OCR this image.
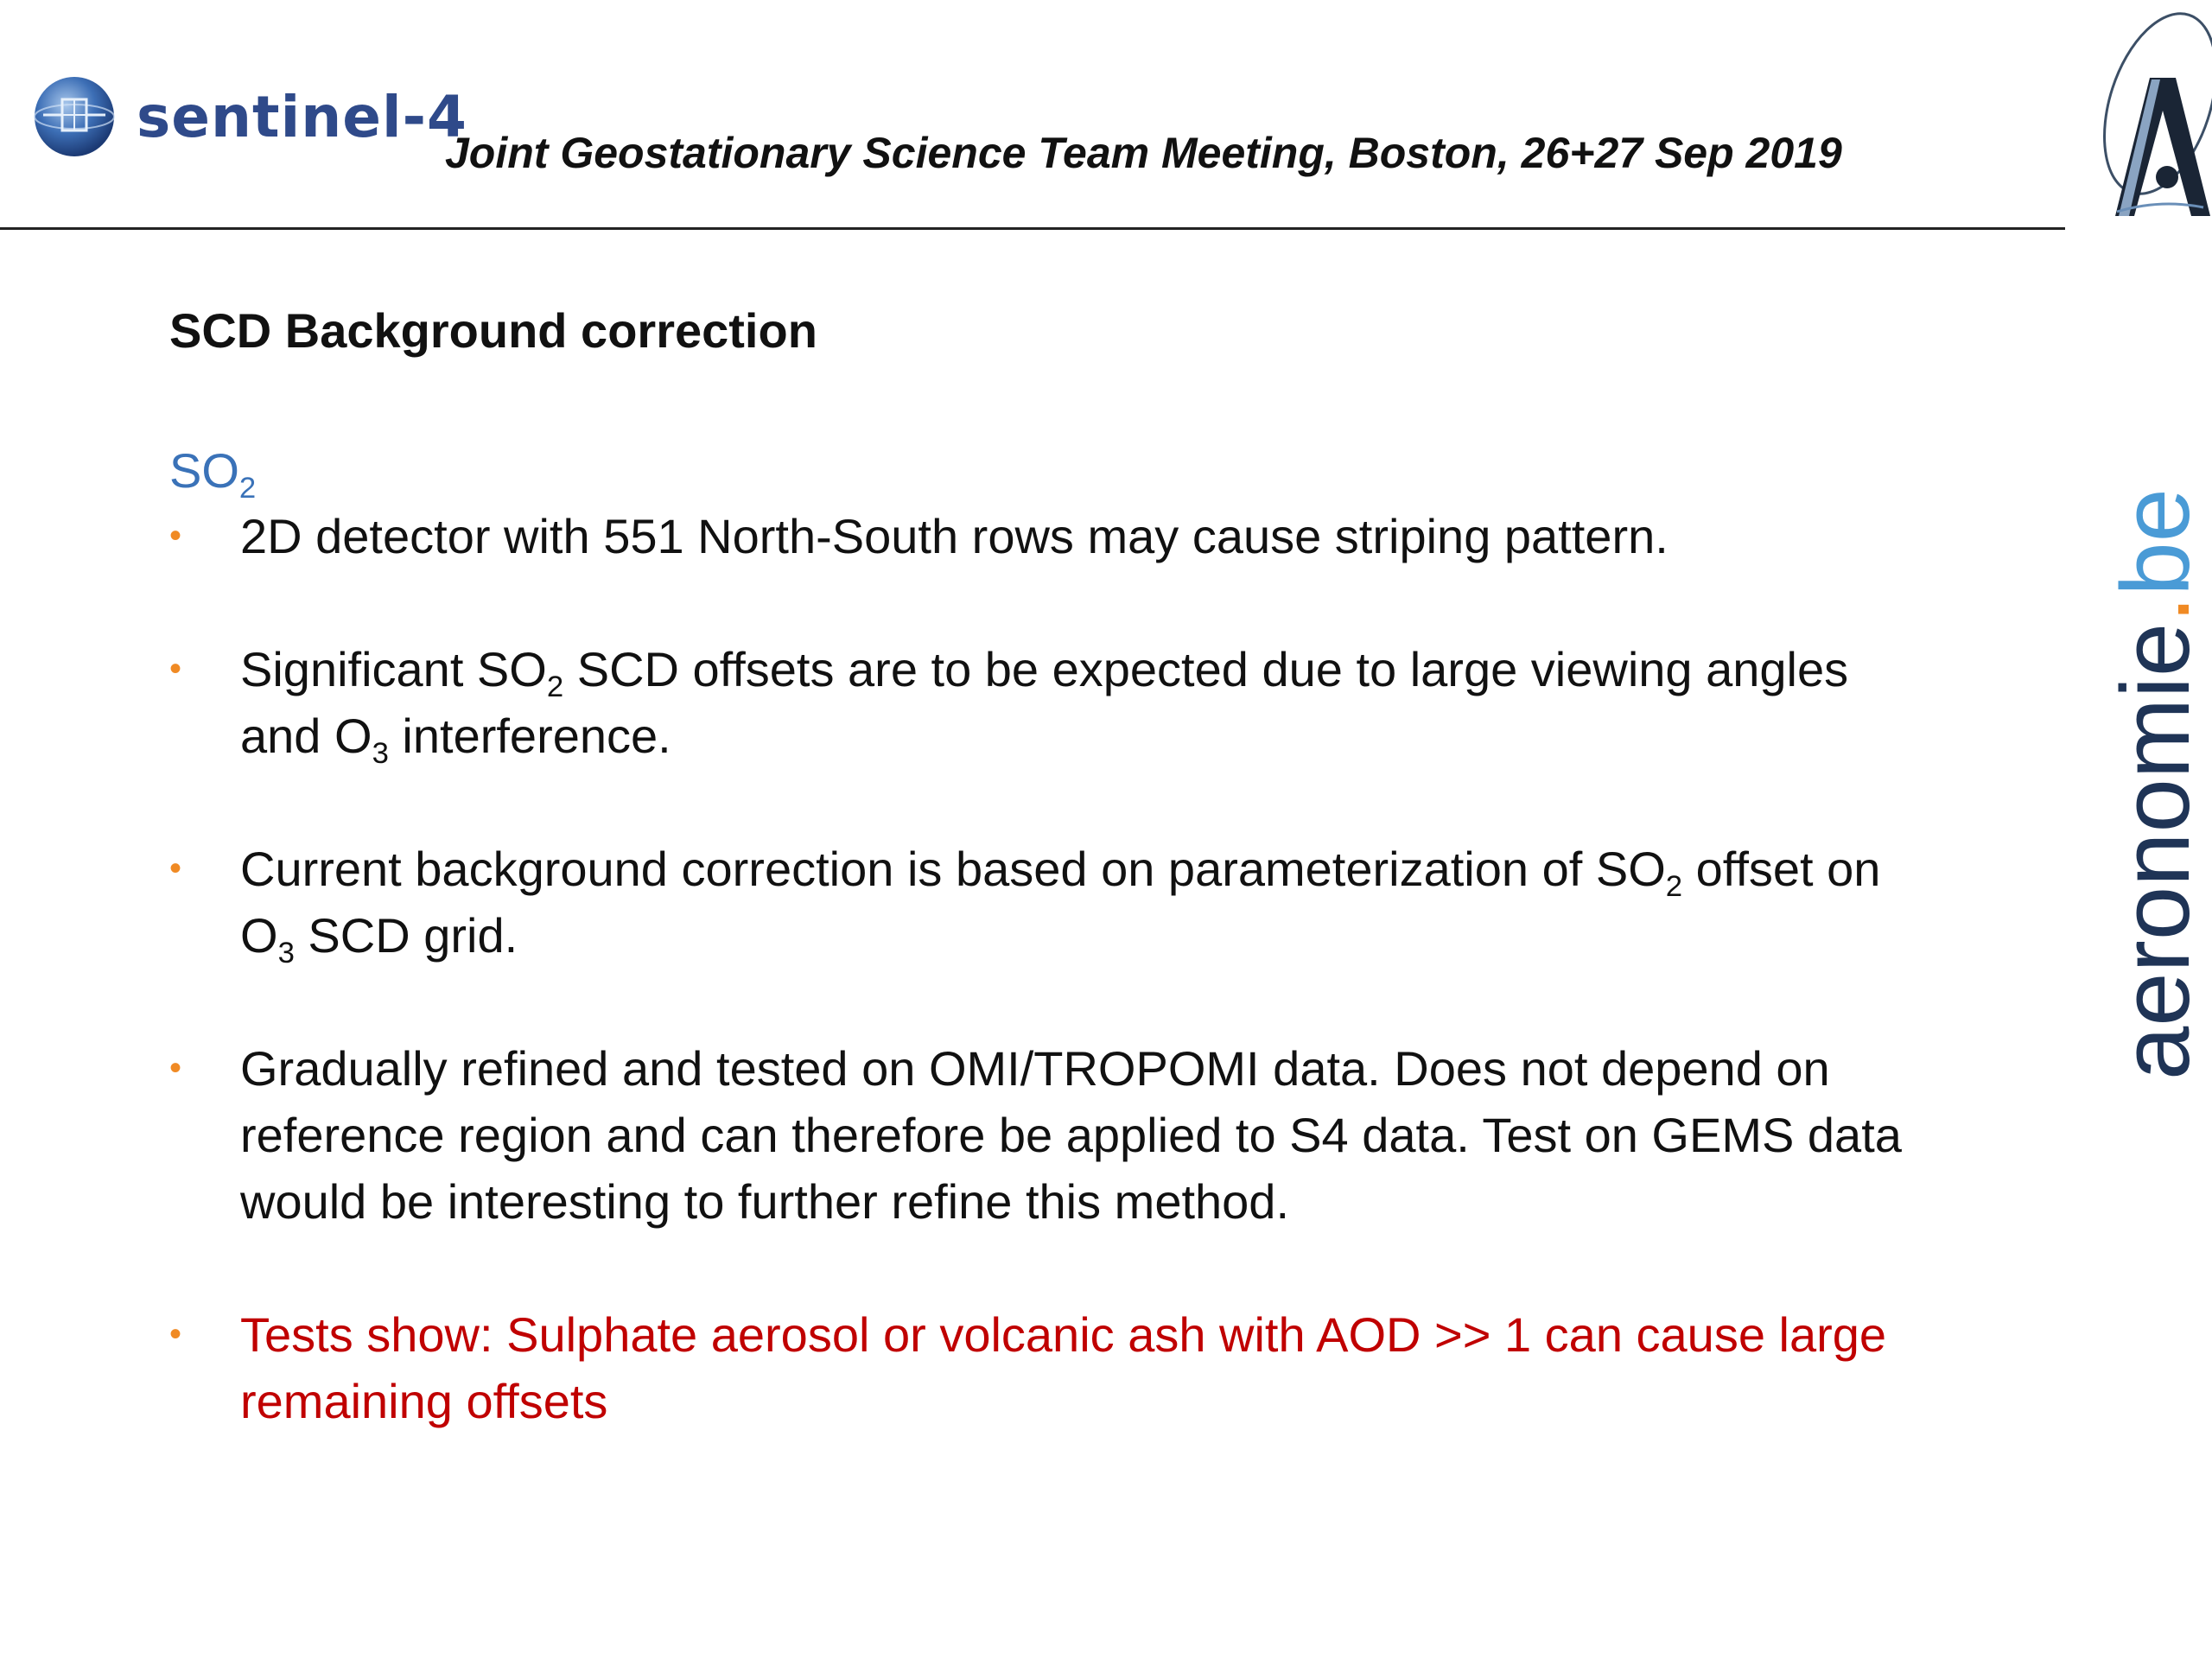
sentinel-4
Joint Geostationary Science Team Meeting, Boston, 26+27 Sep 2019
aeronomie.be
SCD Background correction
$SO_2$
• 2D detector with 551 North-South rows may cause striping pattern.
• Significant $SO_2$ SCD offsets are to be expected due to large viewing angles and $O_3$ interference.
• Current background correction is based on parameterization of $SO_2$ offset on $O_3$ SCD grid.
• Gradually refined and tested on OMI/TROPOMI data. Does not depend on reference region and can therefore be applied to S4 data. Test on GEMS data would be interesting to further refine this method.
• Tests show: Sulphate aerosol or volcanic ash with AOD >> 1 can cause large remaining offsets
